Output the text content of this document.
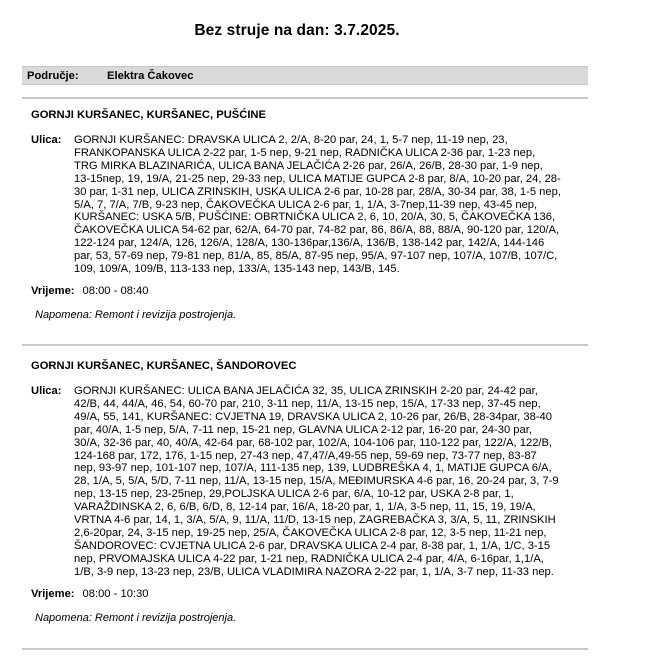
Bez struje na dan: 3.7.2025.
Područje:	Elektra Čakovec
GORNJI KURŠANEC, KURŠANEC, PUŠĆINE
Ulica: GORNJI KURŠANEC: DRAVSKA ULICA 2, 2/A, 8-20 par, 24, 1, 5-7 nep, 11-19 nep, 23, FRANKOPANSKA ULICA 2-22 par, 1-5 nep, 9-21 nep, RADNIČKA ULICA 2-36 par, 1-23 nep, TRG MIRKA BLAZINARIĆA, ULICA BANA JELAČIĆA 2-26 par, 26/A, 26/B, 28-30 par, 1-9 nep, 13-15nep, 19, 19/A, 21-25 nep, 29-33 nep, ULICA MATIJE GUPCA 2-8 par, 8/A, 10-20 par, 24, 28-30 par, 1-31 nep, ULICA ZRINSKIH, USKA ULICA 2-6 par, 10-28 par, 28/A, 30-34 par, 38, 1-5 nep, 5/A, 7, 7/A, 7/B, 9-23 nep, ČAKOVEČKA ULICA 2-6 par, 1, 1/A, 3-7nep,11-39 nep, 43-45 nep, KURŠANEC: USKA 5/B, PUŠĆINE: OBRTNIČKA ULICA 2, 6, 10, 20/A, 30, 5, ČAKOVEČKA 136, ČAKOVEČKA ULICA 54-62 par, 62/A, 64-70 par, 74-82 par, 86, 86/A, 88, 88/A, 90-120 par, 120/A, 122-124 par, 124/A, 126, 126/A, 128/A, 130-136par,136/A, 136/B, 138-142 par, 142/A, 144-146 par, 53, 57-69 nep, 79-81 nep, 81/A, 85, 85/A, 87-95 nep, 95/A, 97-107 nep, 107/A, 107/B, 107/C, 109, 109/A, 109/B, 113-133 nep, 133/A, 135-143 nep, 143/B, 145.
Vrijeme: 08:00 - 08:40
Napomena: Remont i revizija postrojenja.
GORNJI KURŠANEC, KURŠANEC, ŠANDOROVEC
Ulica: GORNJI KURŠANEC: ULICA BANA JELAČIĆA 32, 35, ULICA ZRINSKIH 2-20 par, 24-42 par, 42/B, 44, 44/A, 46, 54, 60-70 par, 210, 3-11 nep, 11/A, 13-15 nep, 15/A, 17-33 nep, 37-45 nep, 49/A, 55, 141, KURŠANEC: CVJETNA 19, DRAVSKA ULICA 2, 10-26 par, 26/B, 28-34par, 38-40 par, 40/A, 1-5 nep, 5/A, 7-11 nep, 15-21 nep, GLAVNA ULICA 2-12 par, 16-20 par, 24-30 par, 30/A, 32-36 par, 40, 40/A, 42-64 par, 68-102 par, 102/A, 104-106 par, 110-122 par, 122/A, 122/B, 124-168 par, 172, 176, 1-15 nep, 27-43 nep, 47,47/A,49-55 nep, 59-69 nep, 73-77 nep, 83-87 nep, 93-97 nep, 101-107 nep, 107/A, 111-135 nep, 139, LUDBREŠKA 4, 1, MATIJE GUPCA 6/A, 28, 1/A, 5, 5/A, 5/D, 7-11 nep, 11/A, 13-15 nep, 15/A, MEĐIMURSKA 4-6 par, 16, 20-24 par, 3, 7-9 nep, 13-15 nep, 23-25nep, 29,POLJSKA ULICA 2-6 par, 6/A, 10-12 par, USKA 2-8 par, 1, VARAŽDINSKA 2, 6, 6/B, 6/D, 8, 12-14 par, 16/A, 18-20 par, 1, 1/A, 3-5 nep, 11, 15, 19, 19/A, VRTNA 4-6 par, 14, 1, 3/A, 5/A, 9, 11/A, 11/D, 13-15 nep, ZAGREBAČKA 3, 3/A, 5, 11, ZRINSKIH 2,6-20par, 24, 3-15 nep, 19-25 nep, 25/A, ČAKOVEČKA ULICA 2-8 par, 12, 3-5 nep, 11-21 nep, ŠANDOROVEC: CVJETNA ULICA 2-6 par, DRAVSKA ULICA 2-4 par, 8-38 par, 1, 1/A, 1/C, 3-15 nep, PRVOMAJSKA ULICA 4-22 par, 1-21 nep, RADNIČKA ULICA 2-4 par, 4/A, 6-16par, 1,1/A, 1/B, 3-9 nep, 13-23 nep, 23/B, ULICA VLADIMIRA NAZORA 2-22 par, 1, 1/A, 3-7 nep, 11-33 nep.
Vrijeme: 08:00 - 10:30
Napomena: Remont i revizija postrojenja.
